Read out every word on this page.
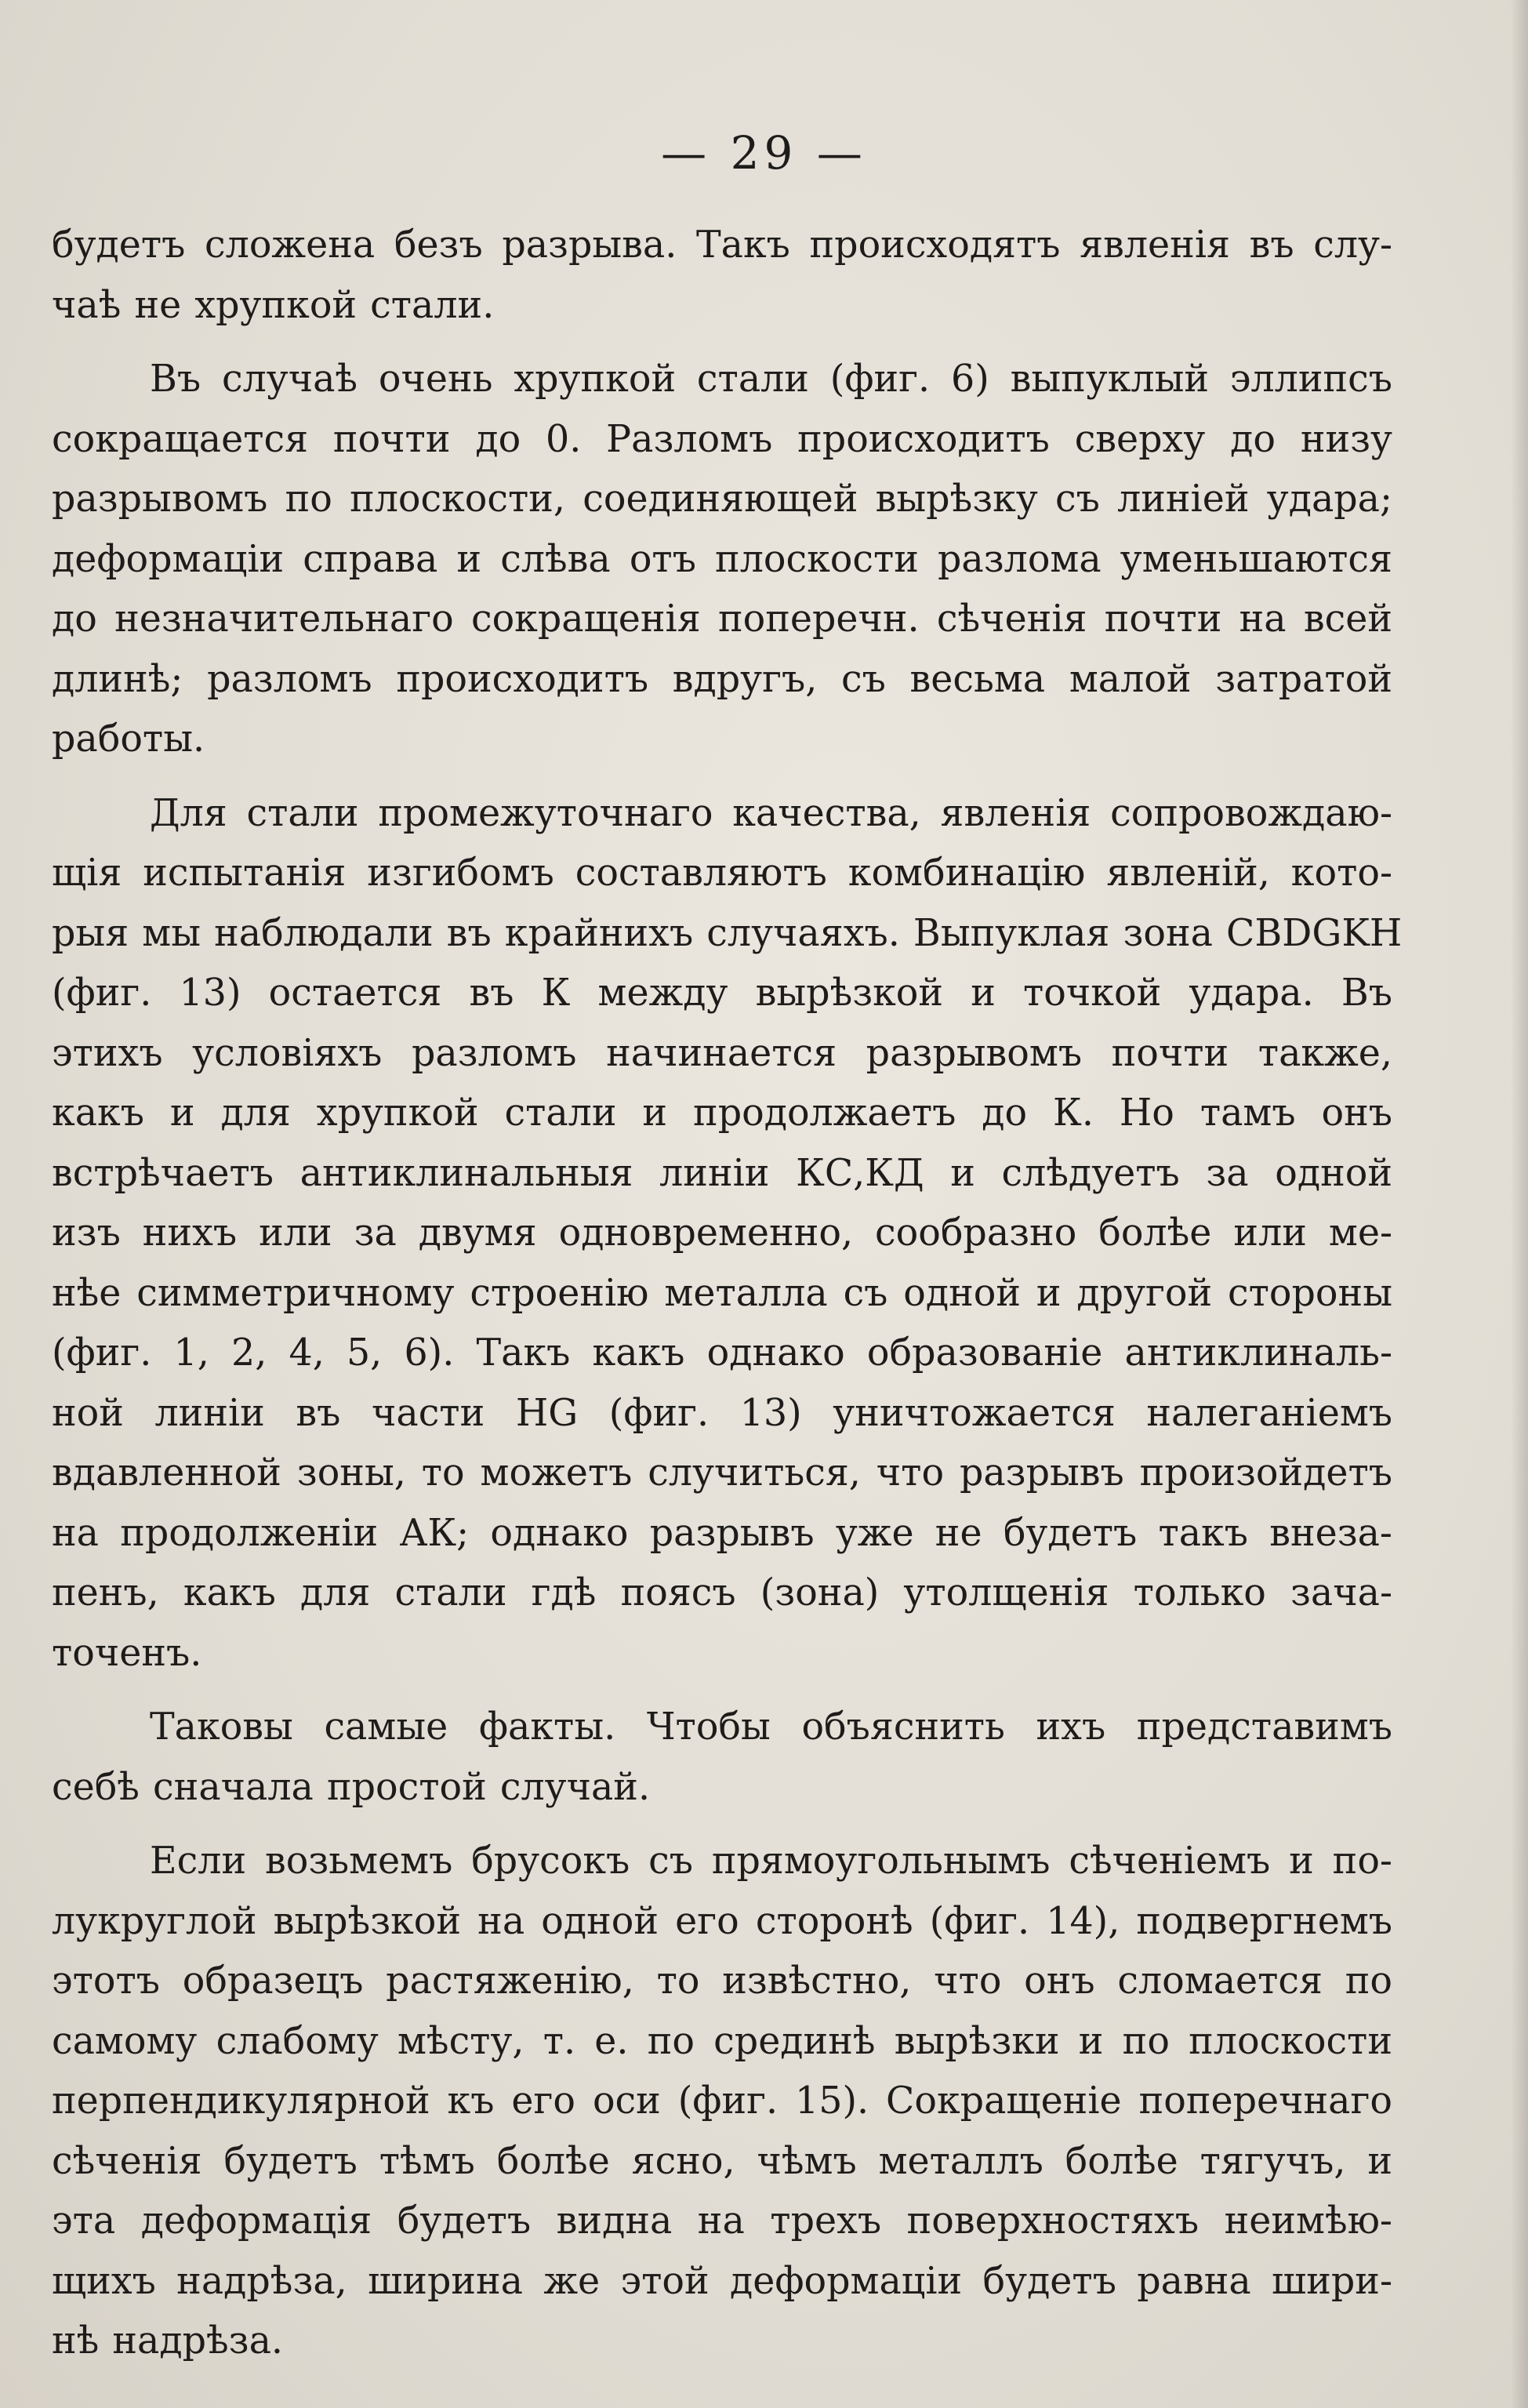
— 29 —
будетъ сложена безъ разрыва. Такъ происходятъ явленія въ слу-
чаѣ не хрупкой стали.
Въ случаѣ очень хрупкой стали (фиг. 6) выпуклый эллипсъ
сокращается почти до 0. Разломъ происходитъ сверху до низу
разрывомъ по плоскости, соединяющей вырѣзку съ линіей удара;
деформаціи справа и слѣва отъ плоскости разлома уменьшаются
до незначительнаго сокращенія поперечн. сѣченія почти на всей
длинѣ; разломъ происходитъ вдругъ, съ весьма малой затратой
работы.
Для стали промежуточнаго качества, явленія сопровождаю-
щія испытанія изгибомъ составляютъ комбинацію явленій, кото-
рыя мы наблюдали въ крайнихъ случаяхъ. Выпуклая зона CBDGKH
(фиг. 13) остается въ К между вырѣзкой и точкой удара. Въ
этихъ условіяхъ разломъ начинается разрывомъ почти также,
какъ и для хрупкой стали и продолжаетъ до К. Но тамъ онъ
встрѣчаетъ антиклинальныя линіи КС,КД и слѣдуетъ за одной
изъ нихъ или за двумя одновременно, сообразно болѣе или ме-
нѣе симметричному строенію металла съ одной и другой стороны
(фиг. 1, 2, 4, 5, 6). Такъ какъ однако образованіе антиклиналь-
ной линіи въ части HG (фиг. 13) уничтожается налеганіемъ
вдавленной зоны, то можетъ случиться, что разрывъ произойдетъ
на продолженіи АК; однако разрывъ уже не будетъ такъ внеза-
пенъ, какъ для стали гдѣ поясъ (зона) утолщенія только зача-
точенъ.
Таковы самые факты. Чтобы объяснить ихъ представимъ
себѣ сначала простой случай.
Если возьмемъ брусокъ съ прямоугольнымъ сѣченіемъ и по-
лукруглой вырѣзкой на одной его сторонѣ (фиг. 14), подвергнемъ
этотъ образецъ растяженію, то извѣстно, что онъ сломается по
самому слабому мѣсту, т. е. по срединѣ вырѣзки и по плоскости
перпендикулярной къ его оси (фиг. 15). Сокращеніе поперечнаго
сѣченія будетъ тѣмъ болѣе ясно, чѣмъ металлъ болѣе тягучъ, и
эта деформація будетъ видна на трехъ поверхностяхъ неимѣю-
щихъ надрѣза, ширина же этой деформаціи будетъ равна шири-
нѣ надрѣза.
